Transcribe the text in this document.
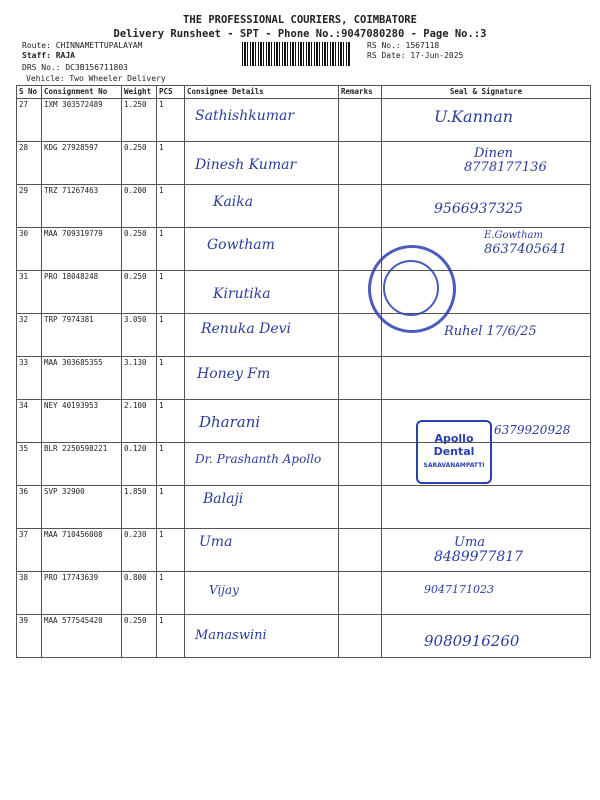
THE PROFESSIONAL COURIERS, COIMBATORE
Delivery Runsheet - SPT - Phone No.:9047080280 - Page No.:3
Route: CHINNAMETTUPALAYAM
Staff: RAJA
DRS No.: DC3B156711803
RS No.: 1567118
RS Date: 17-Jun-2025
Vehicle: Two Wheeler Delivery
S No	Consignment No	Weight	PCS	Consignee Details	Remarks	Seal & Signature
27	IXM 303572489	1.250	1	Sathishkumar		U.Kannan

28	KDG 27928597	0.250	1	Dinesh Kumar		Dinen
8778177136

29	TRZ 71267463	0.200	1	Kaika		9566937325

30	MAA 709319779	0.250	1	Gowtham		E.Gowtham
8637405641

31	PRO 18048248	0.250	1	Kirutika		

32	TRP 7974381	3.050	1	Renuka Devi		Ruhel 17/6/25

33	MAA 303685355	3.130	1	Honey Fm		

34	NEY 40193953	2.100	1	Dharani		6379920928

35	BLR 2250598221	0.120	1	Dr. Prashanth Apollo		

36	SVP 32900	1.850	1	Balaji		

37	MAA 710456008	0.230	1	Uma		Uma
8489977817

38	PRO 17743639	0.800	1	Vijay		9047171023

39	MAA 577545420	0.250	1	Manaswini		9080916260
Apollo
Dental
SARAVANAMPATTI
